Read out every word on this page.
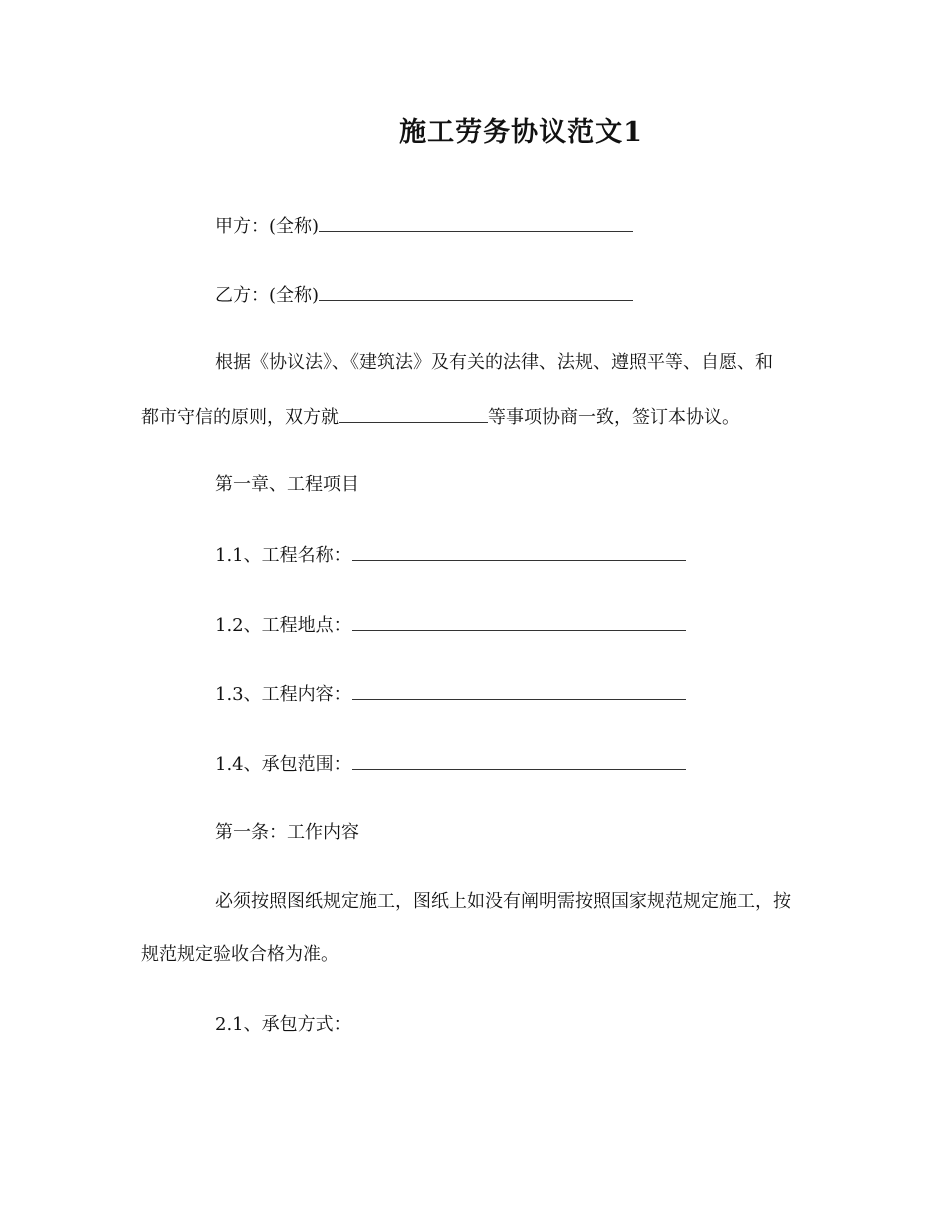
施工劳务协议范文1
甲方：(全称)
乙方：(全称)
根据《协议法》、《建筑法》及有关的法律、法规、遵照平等、自愿、和
都市守信的原则，双方就	等事项协商一致，签订本协议。
第一章、工程项目
1.1、工程名称：
1.2、工程地点：
1.3、工程内容：
1.4、承包范围：
第一条：工作内容
必须按照图纸规定施工，图纸上如没有阐明需按照国家规范规定施工，按
规范规定验收合格为准。
2.1、承包方式：
